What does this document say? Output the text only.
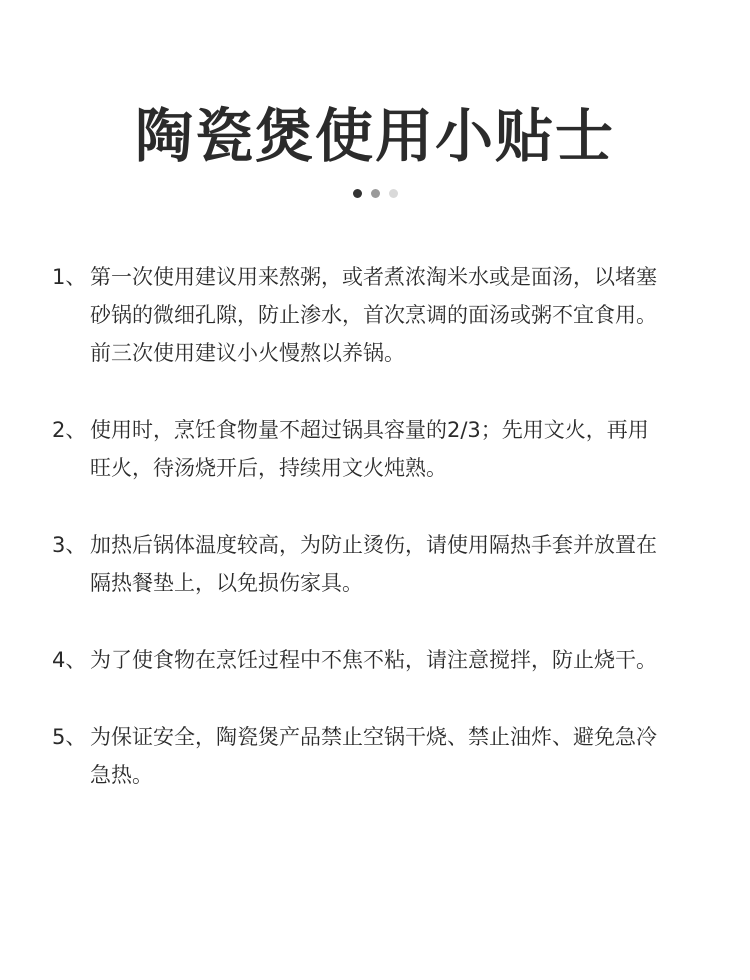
陶瓷煲使用小贴士

1、 第一次使用建议用来熬粥，或者煮浓淘米水或是面汤，以堵塞砂锅的微细孔隙，防止渗水，首次烹调的面汤或粥不宜食用。前三次使用建议小火慢熬以养锅。

2、 使用时，烹饪食物量不超过锅具容量的2/3；先用文火，再用旺火，待汤烧开后，持续用文火炖熟。

3、 加热后锅体温度较高，为防止烫伤，请使用隔热手套并放置在隔热餐垫上，以免损伤家具。

4、 为了使食物在烹饪过程中不焦不粘，请注意搅拌，防止烧干。

5、 为保证安全，陶瓷煲产品禁止空锅干烧、禁止油炸、避免急冷急热。
